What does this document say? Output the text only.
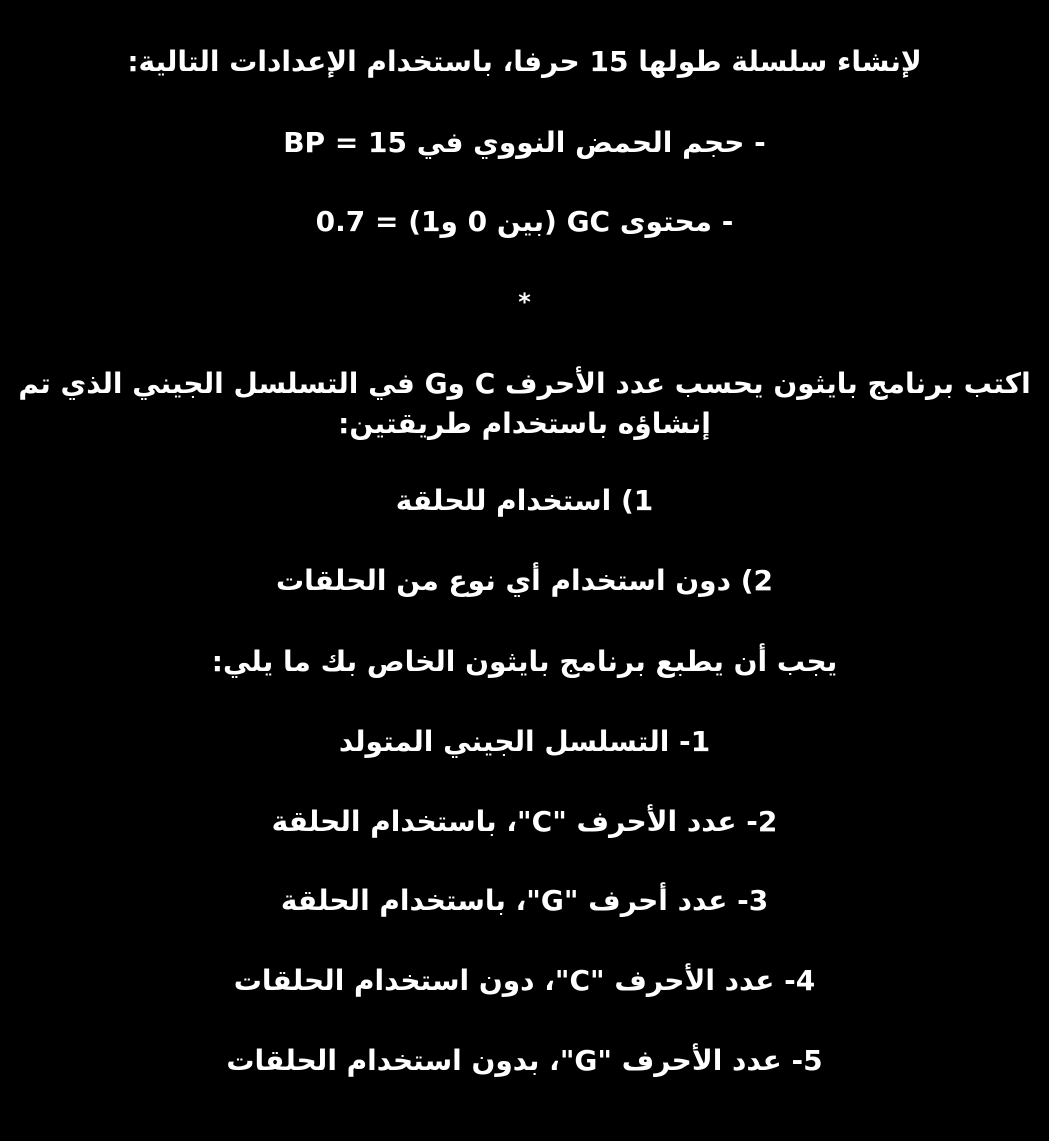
لإنشاء سلسلة طولها 15 حرفا، باستخدام الإعدادات التالية:
- حجم الحمض النووي في 15 = BP
- محتوى GC (بين 0 و1) = 0.7
*
اكتب برنامج بايثون يحسب عدد الأحرف C وG في التسلسل الجيني الذي تم
إنشاؤه باستخدام طريقتين:
1) استخدام للحلقة
2) دون استخدام أي نوع من الحلقات
يجب أن يطبع برنامج بايثون الخاص بك ما يلي:
1- التسلسل الجيني المتولد
2- عدد الأحرف "C"، باستخدام الحلقة
3- عدد أحرف "G"، باستخدام الحلقة
4- عدد الأحرف "C"، دون استخدام الحلقات
5- عدد الأحرف "G"، بدون استخدام الحلقات
